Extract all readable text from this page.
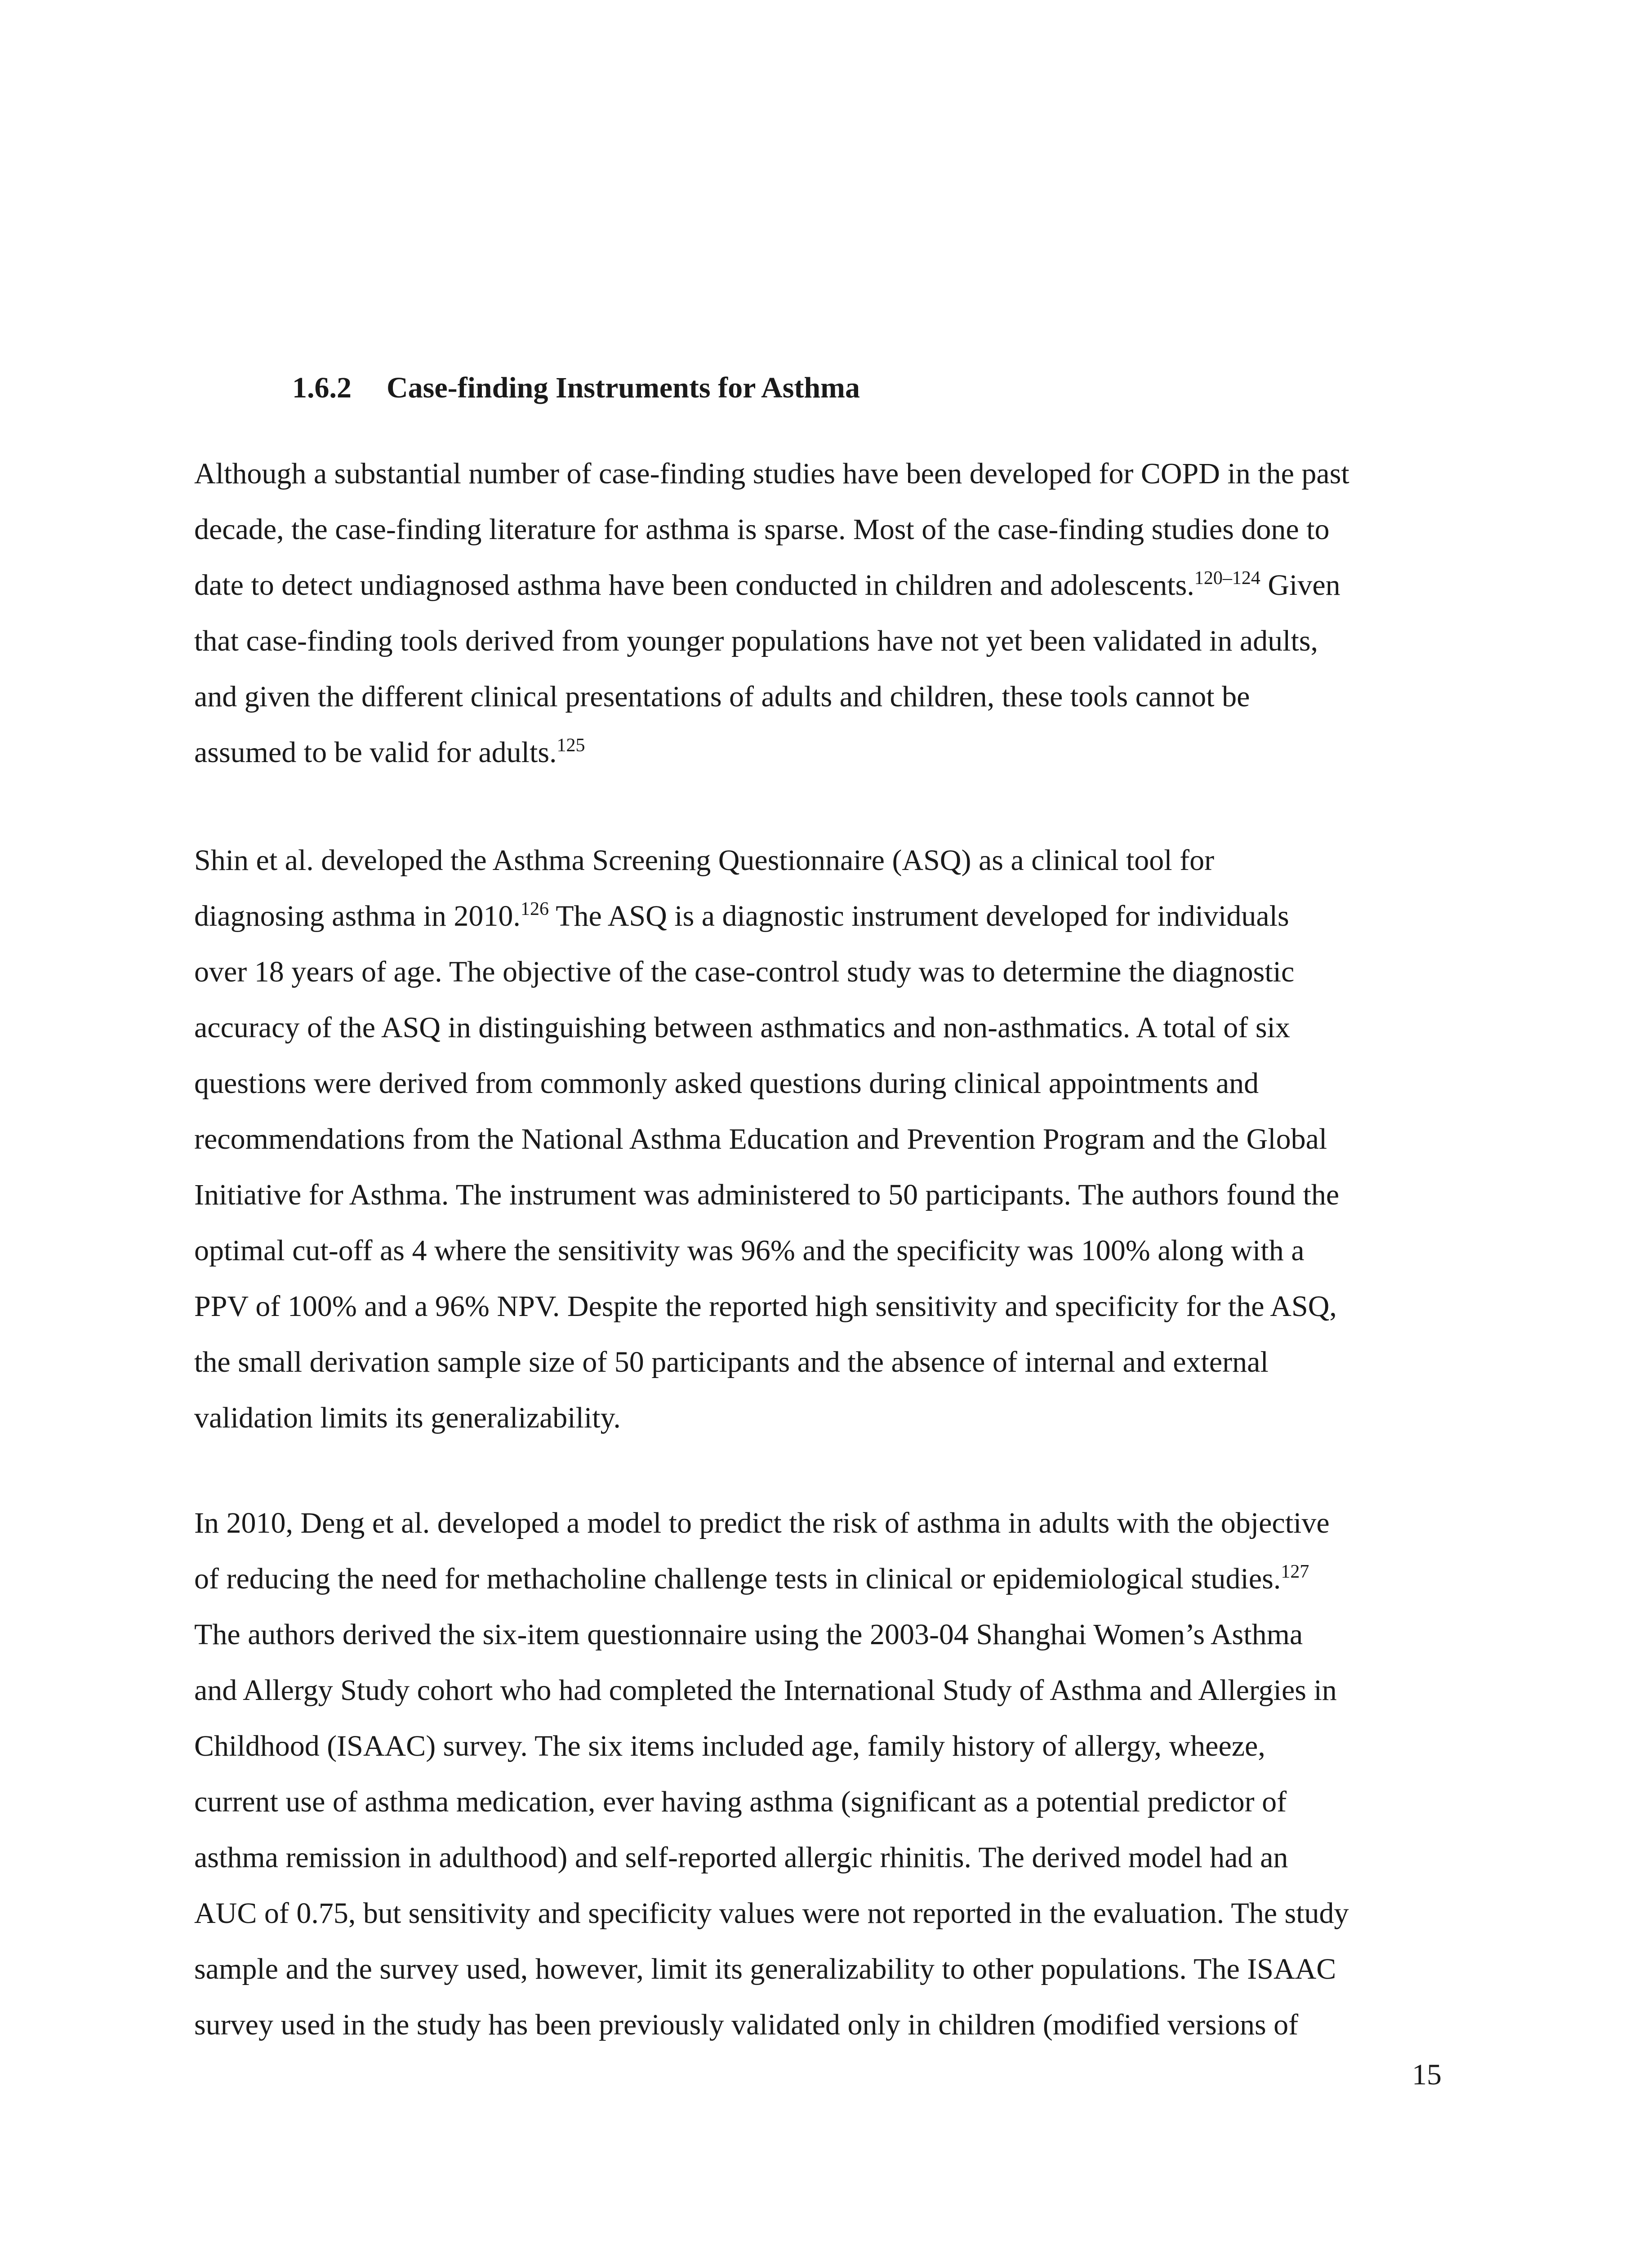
1.6.2 Case-finding Instruments for Asthma
Although a substantial number of case-finding studies have been developed for COPD in the past
decade, the case-finding literature for asthma is sparse. Most of the case-finding studies done to
date to detect undiagnosed asthma have been conducted in children and adolescents.$^{120-124}$ Given
that case-finding tools derived from younger populations have not yet been validated in adults,
and given the different clinical presentations of adults and children, these tools cannot be
assumed to be valid for adults.$^{125}$
Shin et al. developed the Asthma Screening Questionnaire (ASQ) as a clinical tool for
diagnosing asthma in 2010.$^{126}$ The ASQ is a diagnostic instrument developed for individuals
over 18 years of age. The objective of the case-control study was to determine the diagnostic
accuracy of the ASQ in distinguishing between asthmatics and non-asthmatics. A total of six
questions were derived from commonly asked questions during clinical appointments and
recommendations from the National Asthma Education and Prevention Program and the Global
Initiative for Asthma. The instrument was administered to 50 participants. The authors found the
optimal cut-off as 4 where the sensitivity was 96% and the specificity was 100% along with a
PPV of 100% and a 96% NPV. Despite the reported high sensitivity and specificity for the ASQ,
the small derivation sample size of 50 participants and the absence of internal and external
validation limits its generalizability.
In 2010, Deng et al. developed a model to predict the risk of asthma in adults with the objective
of reducing the need for methacholine challenge tests in clinical or epidemiological studies.$^{127}$
The authors derived the six-item questionnaire using the 2003-04 Shanghai Women’s Asthma
and Allergy Study cohort who had completed the International Study of Asthma and Allergies in
Childhood (ISAAC) survey. The six items included age, family history of allergy, wheeze,
current use of asthma medication, ever having asthma (significant as a potential predictor of
asthma remission in adulthood) and self-reported allergic rhinitis. The derived model had an
AUC of 0.75, but sensitivity and specificity values were not reported in the evaluation. The study
sample and the survey used, however, limit its generalizability to other populations. The ISAAC
survey used in the study has been previously validated only in children (modified versions of
15
